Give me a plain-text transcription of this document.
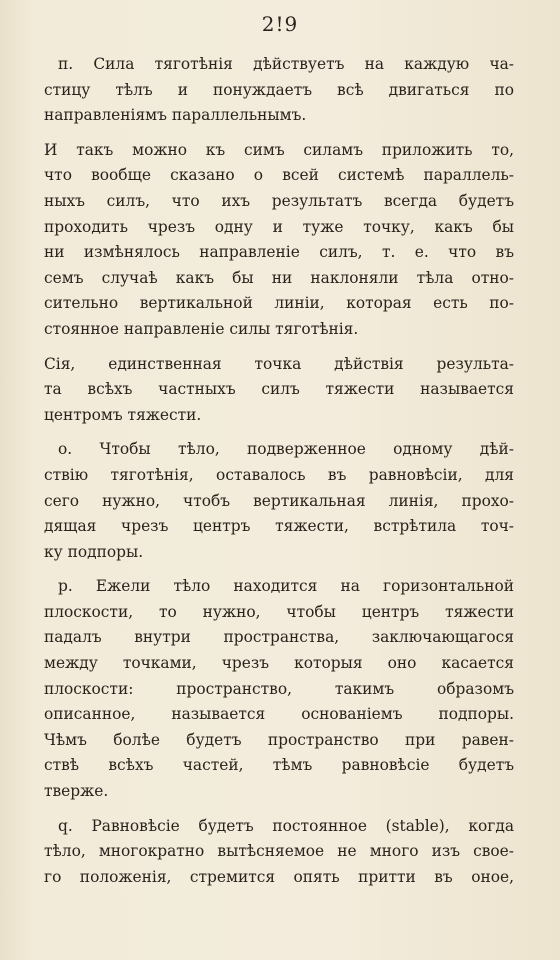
2!9

п. Сила тяготѣнія дѣйствуетъ на каждую ча-
стицу тѣлъ и понуждаетъ всѣ двигаться по
направленіямъ параллельнымъ.

И такъ можно къ симъ силамъ приложить то,
что вообще сказано о всей системѣ параллель-
ныхъ силъ, что ихъ результатъ всегда будетъ
проходить чрезъ одну и туже точку, какъ бы
ни измѣнялось направленіе силъ, т. е. что въ
семъ случаѣ какъ бы ни наклоняли тѣла отно-
сительно вертикальной линіи, которая есть по-
стоянное направленіе силы тяготѣнія.

Сія, единственная точка дѣйствія результа-
та всѣхъ частныхъ силъ тяжести называется
центромъ тяжести.

о. Чтобы тѣло, подверженное одному дѣй-
ствію тяготѣнія, оставалось въ равновѣсіи, для
сего нужно, чтобъ вертикальная линія, прохо-
дящая чрезъ центръ тяжести, встрѣтила точ-
ку подпоры.

р. Ежели тѣло находится на горизонтальной
плоскости, то нужно, чтобы центръ тяжести
падалъ внутри пространства, заключающагося
между точками, чрезъ которыя оно касается
плоскости: пространство, такимъ образомъ
описанное, называется основаніемъ подпоры.
Чѣмъ болѣе будетъ пространство при равен-
ствѣ всѣхъ частей, тѣмъ равновѣсіе будетъ
тверже.

q. Равновѣсіе будетъ постоянное (stable), когда
тѣло, многократно вытѣсняемое не много изъ свое-
го положенія, стремится опять притти въ оное,
